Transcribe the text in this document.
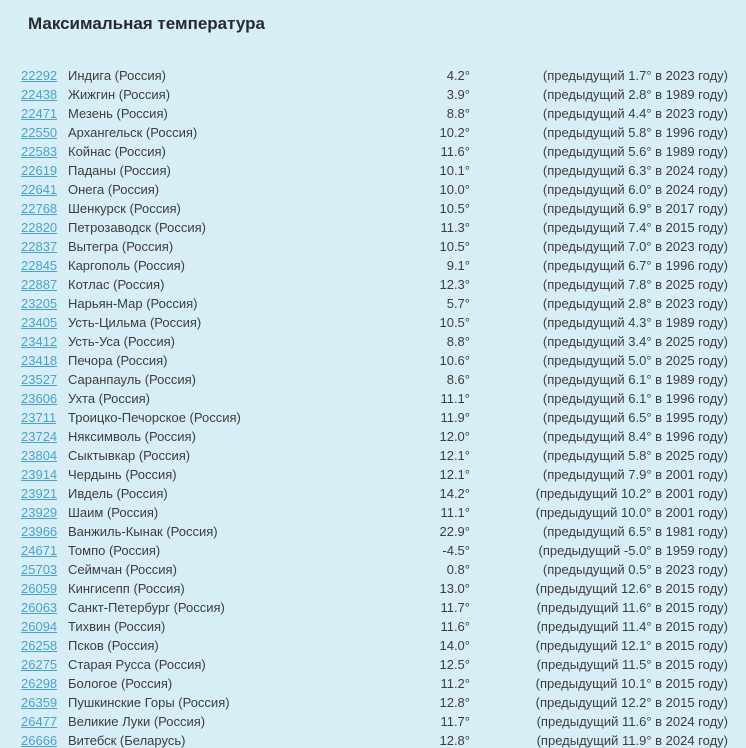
Максимальная температура
22292 Индига (Россия)	4.2°	(предыдущий 1.7° в 2023 году)
22438 Жижгин (Россия)	3.9°	(предыдущий 2.8° в 1989 году)
22471 Мезень (Россия)	8.8°	(предыдущий 4.4° в 2023 году)
22550 Архангельск (Россия)	10.2°	(предыдущий 5.8° в 1996 году)
22583 Койнас (Россия)	11.6°	(предыдущий 5.6° в 1989 году)
22619 Паданы (Россия)	10.1°	(предыдущий 6.3° в 2024 году)
22641 Онега (Россия)	10.0°	(предыдущий 6.0° в 2024 году)
22768 Шенкурск (Россия)	10.5°	(предыдущий 6.9° в 2017 году)
22820 Петрозаводск (Россия)	11.3°	(предыдущий 7.4° в 2015 году)
22837 Вытегра (Россия)	10.5°	(предыдущий 7.0° в 2023 году)
22845 Каргополь (Россия)	9.1°	(предыдущий 6.7° в 1996 году)
22887 Котлас (Россия)	12.3°	(предыдущий 7.8° в 2025 году)
23205 Нарьян-Мар (Россия)	5.7°	(предыдущий 2.8° в 2023 году)
23405 Усть-Цильма (Россия)	10.5°	(предыдущий 4.3° в 1989 году)
23412 Усть-Уса (Россия)	8.8°	(предыдущий 3.4° в 2025 году)
23418 Печора (Россия)	10.6°	(предыдущий 5.0° в 2025 году)
23527 Саранпауль (Россия)	8.6°	(предыдущий 6.1° в 1989 году)
23606 Ухта (Россия)	11.1°	(предыдущий 6.1° в 1996 году)
23711 Троицко-Печорское (Россия)	11.9°	(предыдущий 6.5° в 1995 году)
23724 Няксимволь (Россия)	12.0°	(предыдущий 8.4° в 1996 году)
23804 Сыктывкар (Россия)	12.1°	(предыдущий 5.8° в 2025 году)
23914 Чердынь (Россия)	12.1°	(предыдущий 7.9° в 2001 году)
23921 Ивдель (Россия)	14.2°	(предыдущий 10.2° в 2001 году)
23929 Шаим (Россия)	11.1°	(предыдущий 10.0° в 2001 году)
23966 Ванжиль-Кынак (Россия)	22.9°	(предыдущий 6.5° в 1981 году)
24671 Томпо (Россия)	-4.5°	(предыдущий -5.0° в 1959 году)
25703 Сеймчан (Россия)	0.8°	(предыдущий 0.5° в 2023 году)
26059 Кингисепп (Россия)	13.0°	(предыдущий 12.6° в 2015 году)
26063 Санкт-Петербург (Россия)	11.7°	(предыдущий 11.6° в 2015 году)
26094 Тихвин (Россия)	11.6°	(предыдущий 11.4° в 2015 году)
26258 Псков (Россия)	14.0°	(предыдущий 12.1° в 2015 году)
26275 Старая Русса (Россия)	12.5°	(предыдущий 11.5° в 2015 году)
26298 Бологое (Россия)	11.2°	(предыдущий 10.1° в 2015 году)
26359 Пушкинские Горы (Россия)	12.8°	(предыдущий 12.2° в 2015 году)
26477 Великие Луки (Россия)	11.7°	(предыдущий 11.6° в 2024 году)
26666 Витебск (Беларусь)	12.8°	(предыдущий 11.9° в 2024 году)
